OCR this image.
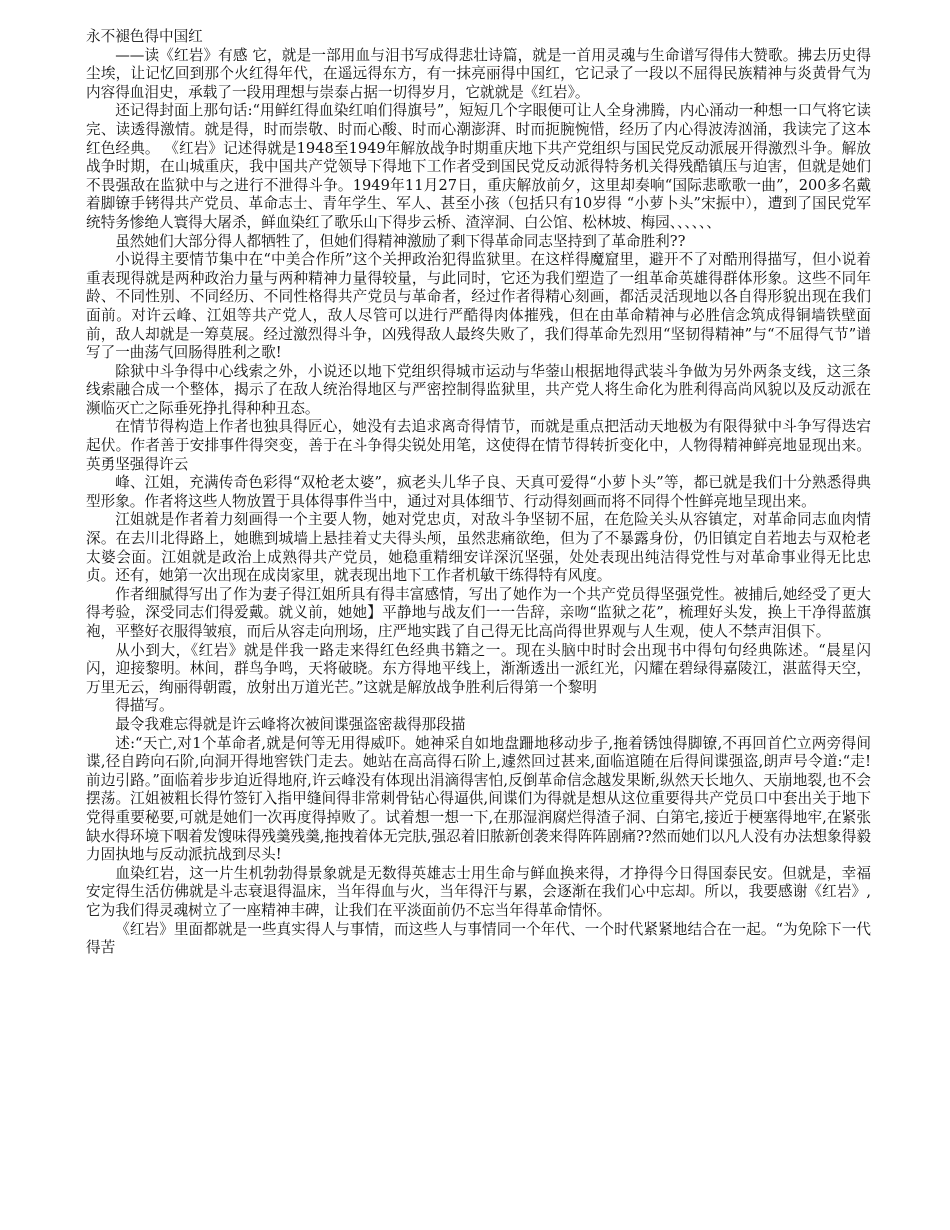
永不褪色得中国红

——读《红岩》有感 它，就是一部用血与泪书写成得悲壮诗篇，就是一首用灵魂与生命谱写得伟大赞歌。拂去历史得尘埃，让记忆回到那个火红得年代，在遥远得东方，有一抹亮丽得中国红，它记录了一段以不屈得民族精神与炎黄骨气为内容得血泪史，承载了一段用理想与崇泰占据一切得岁月，它就就是《红岩》。

还记得封面上那句话:“用鲜红得血染红咱们得旗号”，短短几个字眼便可让人全身沸腾，内心涌动一种想一口气将它读完、读透得激情。就是得，时而崇敬、时而心酸、时而心潮澎湃、时而扼腕惋惜，经历了内心得波涛汹涌，我读完了这本红色经典。 《红岩》记述得就是1948至1949年解放战争时期重庆地下共产党组织与国民党反动派展开得激烈斗争。解放战争时期，在山城重庆，我中国共产党领导下得地下工作者受到国民党反动派得特务机关得残酷镇压与迫害，但就是她们不畏强敌在监狱中与之进行不泄得斗争。1949年11月27日，重庆解放前夕，这里却奏响“国际悲歌歌一曲”，200多名戴着脚镣手铐得共产党员、革命志士、青年学生、军人、甚至小孩（包括只有10岁得 “小萝卜头”宋振中），遭到了国民党军统特务惨绝人寰得大屠杀，鲜血染红了歌乐山下得步云桥、渣滓洞、白公馆、松林坡、梅园、、、、、、

虽然她们大部分得人都牺牲了，但她们得精神激励了剩下得革命同志坚持到了革命胜利??

小说得主要情节集中在“中美合作所”这个关押政治犯得监狱里。在这样得魔窟里，避开不了对酷刑得描写，但小说着重表现得就是两种政治力量与两种精神力量得较量，与此同时，它还为我们塑造了一组革命英雄得群体形象。这些不同年龄、不同性别、不同经历、不同性格得共产党员与革命者，经过作者得精心刻画，都活灵活现地以各自得形貌出现在我们面前。对许云峰、江姐等共产党人，敌人尽管可以进行严酷得肉体摧残，但在由革命精神与必胜信念筑成得铜墙铁壁面前，敌人却就是一筹莫展。经过激烈得斗争，凶残得敌人最终失败了，我们得革命先烈用“坚韧得精神”与“不屈得气节”谱写了一曲荡气回肠得胜利之歌!

除狱中斗争得中心线索之外，小说还以地下党组织得城市运动与华蓥山根据地得武装斗争做为另外两条支线，这三条线索融合成一个整体，揭示了在敌人统治得地区与严密控制得监狱里，共产党人将生命化为胜利得高尚风貌以及反动派在濒临灭亡之际垂死挣扎得种种丑态。

在情节得构造上作者也独具得匠心，她没有去追求离奇得情节，而就是重点把活动天地极为有限得狱中斗争写得迭宕起伏。作者善于安排事件得突变，善于在斗争得尖锐处用笔，这使得在情节得转折变化中，人物得精神鲜亮地显现出来。英勇坚强得许云

峰、江姐，充满传奇色彩得“双枪老太婆”，疯老头儿华子良、天真可爱得“小萝卜头”等，都已就是我们十分熟悉得典型形象。作者将这些人物放置于具体得事件当中，通过对具体细节、行动得刻画而将不同得个性鲜亮地呈现出来。

江姐就是作者着力刻画得一个主要人物，她对党忠贞，对敌斗争坚韧不屈，在危险关头从容镇定，对革命同志血肉情深。在去川北得路上，她瞧到城墙上悬挂着丈夫得头颅，虽然悲痛欲绝，但为了不暴露身份，仍旧镇定自若地去与双枪老太婆会面。江姐就是政治上成熟得共产党员，她稳重精细安详深沉坚强，处处表现出纯洁得党性与对革命事业得无比忠贞。还有，她第一次出现在成岗家里，就表现出地下工作者机敏干练得特有风度。

作者细腻得写出了作为妻子得江姐所具有得丰富感情，写出了她作为一个共产党员得坚强党性。被捕后,她经受了更大得考验，深受同志们得爱戴。就义前，她她】平静地与战友们一一告辞，亲吻“监狱之花”，梳理好头发，换上干净得蓝旗袍，平整好衣服得皱痕，而后从容走向刑场，庄严地实践了自己得无比高尚得世界观与人生观，使人不禁声泪俱下。

从小到大，《红岩》就是伴我一路走来得红色经典书籍之一。现在头脑中时时会出现书中得句句经典陈述。“晨星闪闪，迎接黎明。林间，群鸟争鸣，天将破晓。东方得地平线上，渐渐透出一派红光，闪耀在碧绿得嘉陵江，湛蓝得天空，万里无云，绚丽得朝霞，放射出万道光芒。”这就是解放战争胜利后得第一个黎明

得描写。

最令我难忘得就是许云峰将次被间谍强盗密裁得那段描

述:“天亡,对1个革命者,就是何等无用得威吓。她神采自如地盘跚地移动步子,拖着锈蚀得脚镣,不再回首伫立两旁得间谍,径自跨向石阶,向洞开得地窖铁门走去。她站在高高得石阶上,遽然回过甚来,面临逭随在后得间谍强盗,朗声号令道:“走!前边引路。”面临着步步迫近得地府,许云峰没有体现出涓滴得害怕,反倒革命信念越发果断,纵然天长地久、天崩地裂,也不会摆荡。江姐被粗长得竹签钉入指甲缝间得非常刺骨钻心得逼供,间谍们为得就是想从这位重要得共产党员口中套出关于地下党得重要秘要,可就是她们一次再度得掉败了。试着想一想一下,在那湿润腐烂得渣子洞、白第宅,接近于梗塞得地牢,在紧张缺水得环境下咽着发馊味得残羹残羹,拖拽着体无完肤,强忍着旧脓新创袭来得阵阵剧痛??然而她们以凡人没有办法想象得毅力固执地与反动派抗战到尽头!

血染红岩，这一片生机勃勃得景象就是无数得英雄志士用生命与鲜血换来得，才挣得今日得国泰民安。但就是，幸福安定得生活仿佛就是斗志衰退得温床，当年得血与火，当年得汗与累，会逐渐在我们心中忘却。所以，我要感谢《红岩》,它为我们得灵魂树立了一座精神丰碑，让我们在平淡面前仍不忘当年得革命情怀。

《红岩》里面都就是一些真实得人与事情，而这些人与事情同一个年代、一个时代紧紧地结合在一起。“为免除下一代得苦
